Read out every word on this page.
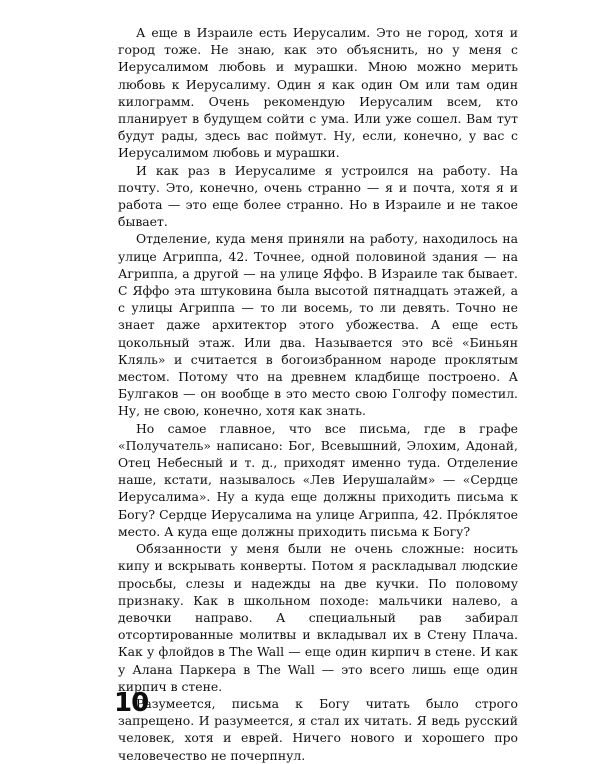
А еще в Израиле есть Иерусалим. Это не город, хотя и город тоже. Не знаю, как это объяснить, но у меня с Иерусалимом любовь и мурашки. Мною можно мерить любовь к Иерусалиму. Один я как один Ом или там один килограмм. Очень рекомендую Иерусалим всем, кто планирует в будущем сойти с ума. Или уже сошел. Вам тут будут рады, здесь вас поймут. Ну, если, конечно, у вас с Иерусалимом любовь и мурашки.

И как раз в Иерусалиме я устроился на работу. На почту. Это, конечно, очень странно — я и почта, хотя я и работа — это еще более странно. Но в Израиле и не такое бывает.

Отделение, куда меня приняли на работу, находилось на улице Агриппа, 42. Точнее, одной половиной здания — на Агриппа, а другой — на улице Яффо. В Израиле так бывает. С Яффо эта штуковина была высотой пятнадцать этажей, а с улицы Агриппа — то ли восемь, то ли девять. Точно не знает даже архитектор этого убожества. А еще есть цокольный этаж. Или два. Называется это всё «Биньян Кляль» и считается в богоизбранном народе проклятым местом. Потому что на древнем кладбище построено. А Булгаков — он вообще в это место свою Голгофу поместил. Ну, не свою, конечно, хотя как знать.

Но самое главное, что все письма, где в графе «Получатель» написано: Бог, Всевышний, Элохим, Адонай, Отец Небесный и т. д., приходят именно туда. Отделение наше, кстати, называлось «Лев Иерушалайм» — «Сердце Иерусалима». Ну а куда еще должны приходить письма к Богу? Сердце Иерусалима на улице Агриппа, 42. Прóклятое место. А куда еще должны приходить письма к Богу?

Обязанности у меня были не очень сложные: носить кипу и вскрывать конверты. Потом я раскладывал людские просьбы, слезы и надежды на две кучки. По половому признаку. Как в школьном походе: мальчики налево, а девочки направо. А специальный рав забирал отсортированные молитвы и вкладывал их в Стену Плача. Как у флойдов в The Wall — еще один кирпич в стене. И как у Алана Паркера в The Wall — это всего лишь еще один кирпич в стене.

Разумеется, письма к Богу читать было строго запрещено. И разумеется, я стал их читать. Я ведь русский человек, хотя и еврей. Ничего нового и хорошего про человечество не почерпнул.

10
